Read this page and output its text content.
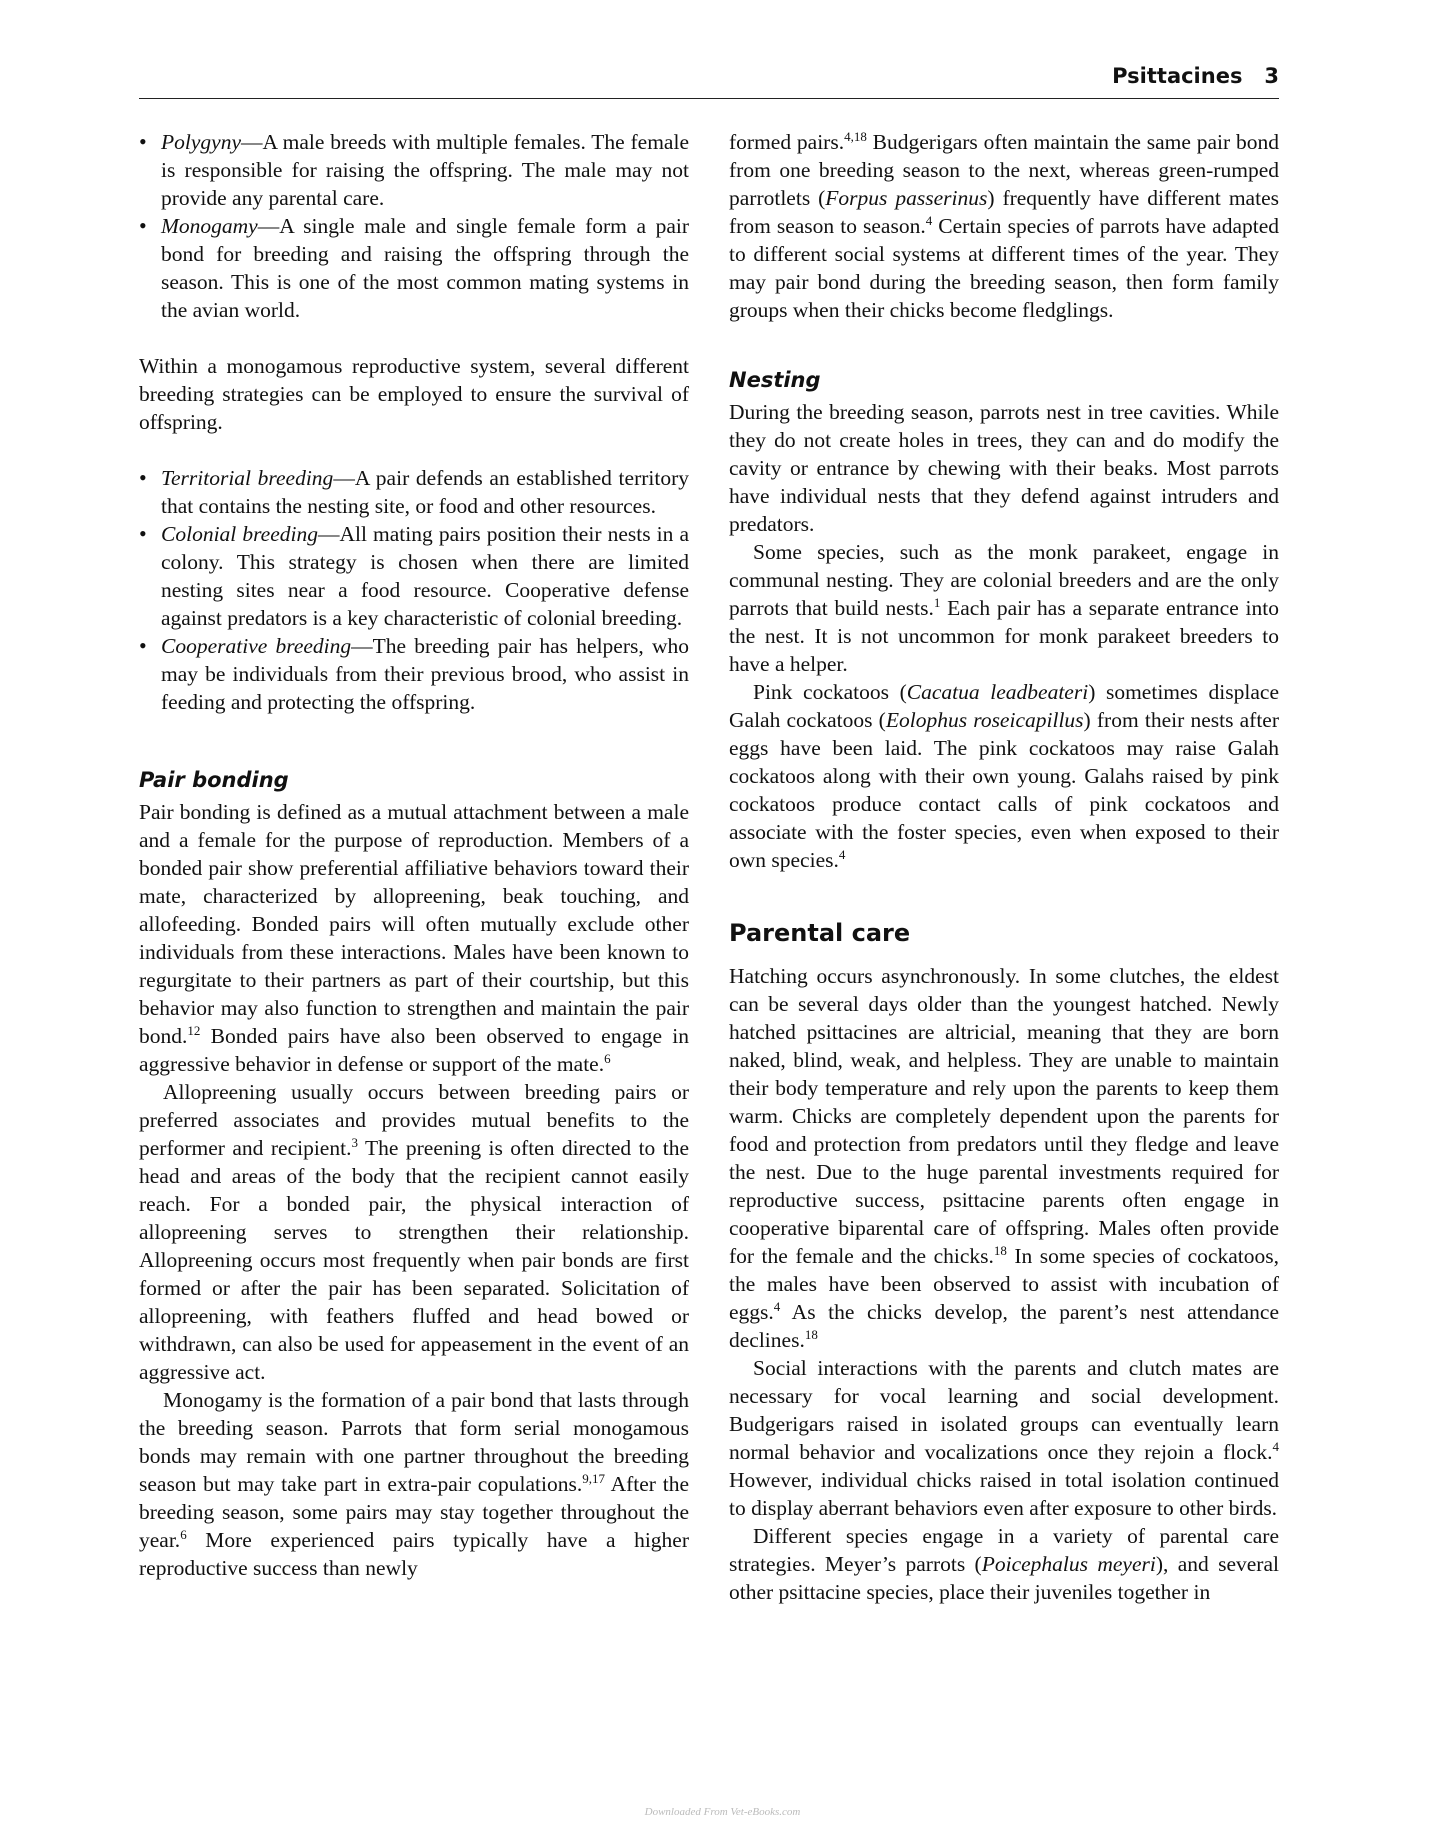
Psittacines   3
• Polygyny—A male breeds with multiple females. The female is responsible for raising the offspring. The male may not provide any parental care.
• Monogamy—A single male and single female form a pair bond for breeding and raising the offspring through the season. This is one of the most common mating systems in the avian world.

Within a monogamous reproductive system, several different breeding strategies can be employed to ensure the survival of offspring.

• Territorial breeding—A pair defends an established territory that contains the nesting site, or food and other resources.
• Colonial breeding—All mating pairs position their nests in a colony. This strategy is chosen when there are limited nesting sites near a food resource. Cooperative defense against predators is a key characteristic of colonial breeding.
• Cooperative breeding—The breeding pair has helpers, who may be individuals from their previous brood, who assist in feeding and protecting the offspring.
Pair bonding

Pair bonding is defined as a mutual attachment between a male and a female for the purpose of reproduction. Members of a bonded pair show preferential affiliative behaviors toward their mate, characterized by allopreening, beak touching, and allofeeding. Bonded pairs will often mutually exclude other individuals from these interactions. Males have been known to regurgitate to their partners as part of their courtship, but this behavior may also function to strengthen and maintain the pair bond.$^{12}$ Bonded pairs have also been observed to engage in aggressive behavior in defense or support of the mate.$^6$

Allopreening usually occurs between breeding pairs or preferred associates and provides mutual benefits to the performer and recipient.$^3$ The preening is often directed to the head and areas of the body that the recipient cannot easily reach. For a bonded pair, the physical interaction of allopreening serves to strengthen their relationship. Allopreening occurs most frequently when pair bonds are first formed or after the pair has been separated. Solicitation of allopreening, with feathers fluffed and head bowed or withdrawn, can also be used for appeasement in the event of an aggressive act.

Monogamy is the formation of a pair bond that lasts through the breeding season. Parrots that form serial monogamous bonds may remain with one partner throughout the breeding season but may take part in extra-pair copulations.$^{9,17}$ After the breeding season, some pairs may stay together throughout the year.$^6$ More experienced pairs typically have a higher reproductive success than newly

formed pairs.$^{4,18}$ Budgerigars often maintain the same pair bond from one breeding season to the next, whereas green-rumped parrotlets (Forpus passerinus) frequently have different mates from season to season.$^4$ Certain species of parrots have adapted to different social systems at different times of the year. They may pair bond during the breeding season, then form family groups when their chicks become fledglings.

Nesting

During the breeding season, parrots nest in tree cavities. While they do not create holes in trees, they can and do modify the cavity or entrance by chewing with their beaks. Most parrots have individual nests that they defend against intruders and predators.

Some species, such as the monk parakeet, engage in communal nesting. They are colonial breeders and are the only parrots that build nests.$^1$ Each pair has a separate entrance into the nest. It is not uncommon for monk parakeet breeders to have a helper.

Pink cockatoos (Cacatua leadbeateri) sometimes displace Galah cockatoos (Eolophus roseicapillus) from their nests after eggs have been laid. The pink cockatoos may raise Galah cockatoos along with their own young. Galahs raised by pink cockatoos produce contact calls of pink cockatoos and associate with the foster species, even when exposed to their own species.$^4$

Parental care

Hatching occurs asynchronously. In some clutches, the eldest can be several days older than the youngest hatched. Newly hatched psittacines are altricial, meaning that they are born naked, blind, weak, and helpless. They are unable to maintain their body temperature and rely upon the parents to keep them warm. Chicks are completely dependent upon the parents for food and protection from predators until they fledge and leave the nest. Due to the huge parental investments required for reproductive success, psittacine parents often engage in cooperative biparental care of offspring. Males often provide for the female and the chicks.$^{18}$ In some species of cockatoos, the males have been observed to assist with incubation of eggs.$^4$ As the chicks develop, the parent’s nest attendance declines.$^{18}$

Social interactions with the parents and clutch mates are necessary for vocal learning and social development. Budgerigars raised in isolated groups can eventually learn normal behavior and vocalizations once they rejoin a flock.$^4$ However, individual chicks raised in total isolation continued to display aberrant behaviors even after exposure to other birds.

Different species engage in a variety of parental care strategies. Meyer’s parrots (Poicephalus meyeri), and several other psittacine species, place their juveniles together in

Downloaded From Vet-eBooks.com
